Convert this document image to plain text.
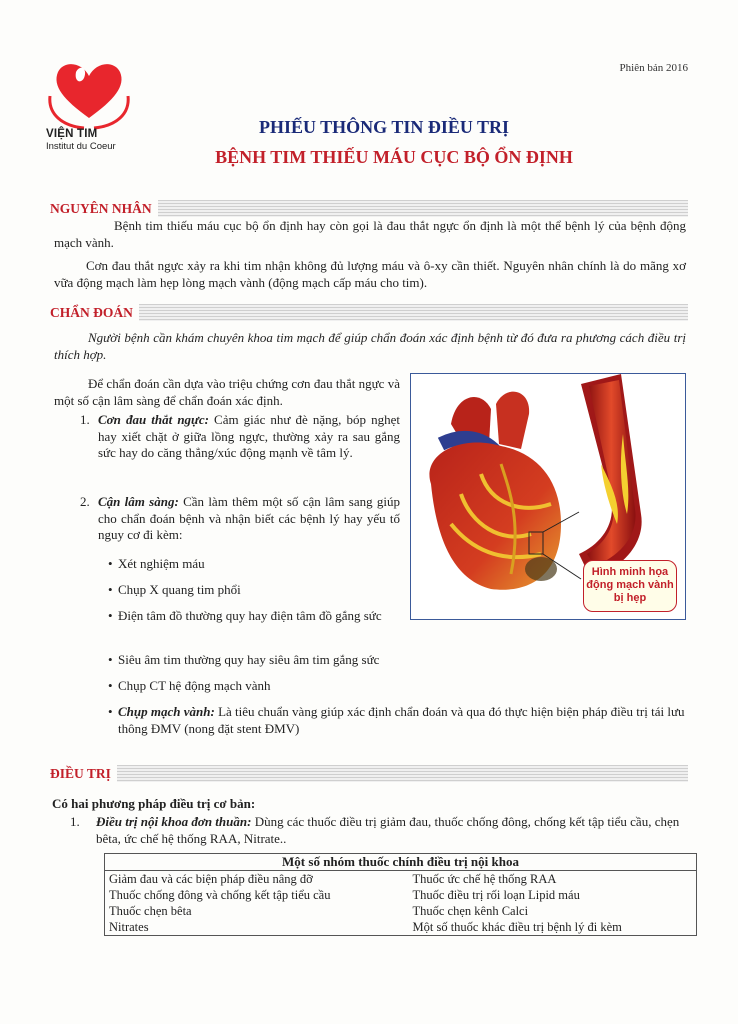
Phiên bản 2016
VIỆN TIM
Institut du Coeur
PHIẾU THÔNG TIN ĐIỀU TRỊ
BỆNH TIM THIẾU MÁU CỤC BỘ ỔN ĐỊNH
NGUYÊN NHÂN
Bệnh tim thiếu máu cục bộ ổn định hay còn gọi là đau thắt ngực ổn định là một thể bệnh lý của bệnh động mạch vành.
Cơn đau thắt ngực xảy ra khi tim nhận không đủ lượng máu và ô-xy cần thiết. Nguyên nhân chính là do mãng xơ vữa động mạch làm hẹp lòng mạch vành (động mạch cấp máu cho tim).
CHẨN ĐOÁN
Người bệnh cần khám chuyên khoa tim mạch để giúp chẩn đoán xác định bệnh từ đó đưa ra phương cách điều trị thích hợp.
Để chẩn đoán cần dựa vào triệu chứng cơn đau thắt ngực và một số cận lâm sàng để chẩn đoán xác định.
1. Cơn đau thắt ngực: Cảm giác như đè nặng, bóp nghẹt hay xiết chặt ở giữa lồng ngực, thường xảy ra sau gắng sức hay do căng thẳng/xúc động mạnh về tâm lý.
2. Cận lâm sàng: Cần làm thêm một số cận lâm sang giúp cho chẩn đoán bệnh và nhận biết các bệnh lý hay yếu tố nguy cơ đi kèm:
• Xét nghiệm máu
• Chụp X quang tim phổi
• Điện tâm đồ thường quy hay điện tâm đồ gắng sức
• Siêu âm tim thường quy hay siêu âm tim gắng sức
• Chụp CT hệ động mạch vành
• Chụp mạch vành: Là tiêu chuẩn vàng giúp xác định chẩn đoán và qua đó thực hiện biện pháp điều trị tái lưu thông ĐMV (nong đặt stent ĐMV)
Hình minh họa động mạch vành bị hẹp
ĐIỀU TRỊ
Có hai phương pháp điều trị cơ bản:
1. Điều trị nội khoa đơn thuần: Dùng các thuốc điều trị giảm đau, thuốc chống đông, chống kết tập tiểu cầu, chẹn bêta, ức chế hệ thống RAA, Nitrate..
Một số nhóm thuốc chính điều trị nội khoa	
Giảm đau và các biện pháp điều nâng đỡ	Thuốc ức chế hệ thống RAA
Thuốc chống đông và chống kết tập tiểu cầu	Thuốc điều trị rối loạn Lipid máu
Thuốc chẹn bêta	Thuốc chẹn kênh Calci
Nitrates	Một số thuốc khác điều trị bệnh lý đi kèm
